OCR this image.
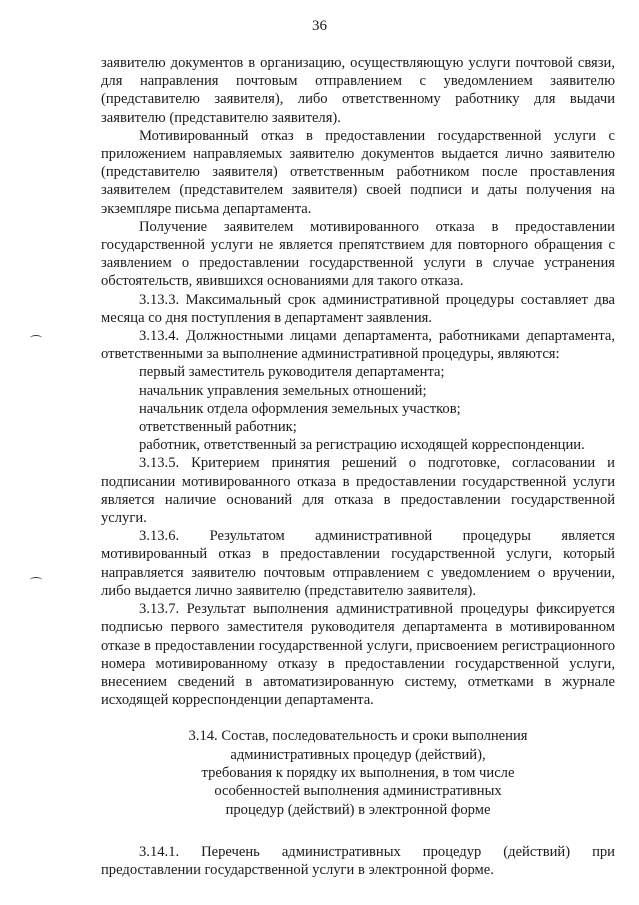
36

заявителю документов в организацию, осуществляющую услуги почтовой связи, для направления почтовым отправлением с уведомлением заявителю (представителю заявителя), либо ответственному работнику для выдачи заявителю (представителю заявителя).

Мотивированный отказ в предоставлении государственной услуги с приложением направляемых заявителю документов выдается лично заявителю (представителю заявителя) ответственным работником после проставления заявителем (представителем заявителя) своей подписи и даты получения на экземпляре письма департамента.

Получение заявителем мотивированного отказа в предоставлении государственной услуги не является препятствием для повторного обращения с заявлением о предоставлении государственной услуги в случае устранения обстоятельств, явившихся основаниями для такого отказа.

3.13.3. Максимальный срок административной процедуры составляет два месяца со дня поступления в департамент заявления.

3.13.4. Должностными лицами департамента, работниками департамента, ответственными за выполнение административной процедуры, являются:

первый заместитель руководителя департамента;

начальник управления земельных отношений;

начальник отдела оформления земельных участков;

ответственный работник;

работник, ответственный за регистрацию исходящей корреспонденции.

3.13.5. Критерием принятия решений о подготовке, согласовании и подписании мотивированного отказа в предоставлении государственной услуги является наличие оснований для отказа в предоставлении государственной услуги.

3.13.6. Результатом административной процедуры является мотивированный отказ в предоставлении государственной услуги, который направляется заявителю почтовым отправлением с уведомлением о вручении, либо выдается лично заявителю (представителю заявителя).

3.13.7. Результат выполнения административной процедуры фиксируется подписью первого заместителя руководителя департамента в мотивированном отказе в предоставлении государственной услуги, присвоением регистрационного номера мотивированному отказу в предоставлении государственной услуги, внесением сведений в автоматизированную систему, отметками в журнале исходящей корреспонденции департамента.

3.14. Состав, последовательность и сроки выполнения
административных процедур (действий),
требования к порядку их выполнения, в том числе
особенностей выполнения административных
процедур (действий) в электронной форме

3.14.1. Перечень административных процедур (действий) при предоставлении государственной услуги в электронной форме.
